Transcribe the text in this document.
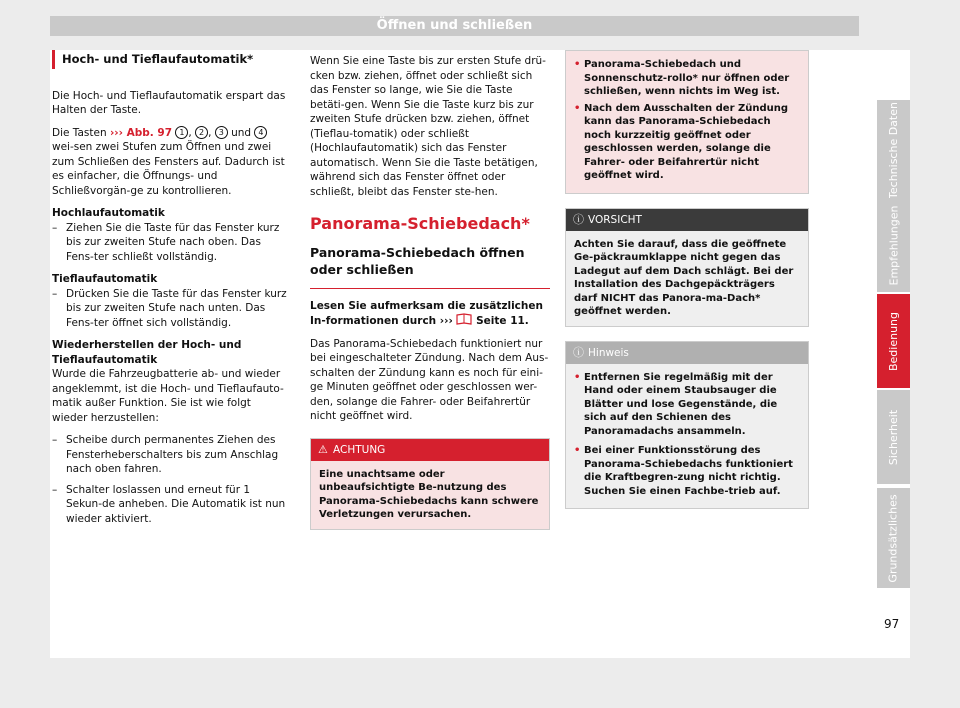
Öffnen und schließen
Hoch- und Tieflaufautomatik*

Die Hoch- und Tieflaufautomatik erspart das Halten der Taste.

Die Tasten ››› Abb. 97 1 , 2 , 3 und 4 wei-sen zwei Stufen zum Öffnen und zwei zum Schließen des Fensters auf. Dadurch ist es einfacher, die Öffnungs- und Schließvorgän-ge zu kontrollieren.

Hochlaufautomatik
– Ziehen Sie die Taste für das Fenster kurz bis zur zweiten Stufe nach oben. Das Fens-ter schließt vollständig.
Tieflaufautomatik
– Drücken Sie die Taste für das Fenster kurz bis zur zweiten Stufe nach unten. Das Fens-ter öffnet sich vollständig.
Wiederherstellen der Hoch- und Tieflaufautomatik

Wurde die Fahrzeugbatterie ab- und wieder angeklemmt, ist die Hoch- und Tieflaufauto-matik außer Funktion. Sie ist wie folgt wieder herzustellen:

– Scheibe durch permanentes Ziehen des Fensterheberschalters bis zum Anschlag nach oben fahren.
– Schalter loslassen und erneut für 1 Sekun-de anheben. Die Automatik ist nun wieder aktiviert.

Wenn Sie eine Taste bis zur ersten Stufe drü-cken bzw. ziehen, öffnet oder schließt sich das Fenster so lange, wie Sie die Taste betäti-gen. Wenn Sie die Taste kurz bis zur zweiten Stufe drücken bzw. ziehen, öffnet (Tieflau-tomatik) oder schließt (Hochlaufautomatik) sich das Fenster automatisch. Wenn Sie die Taste betätigen, während sich das Fenster öffnet oder schließt, bleibt das Fenster ste-hen.

Panorama-Schiebedach*
Panorama-Schiebedach öffnen oder schließen

Lesen Sie aufmerksam die zusätzlichen In-formationen durch ››› Seite 11.

Das Panorama-Schiebedach funktioniert nur bei eingeschalteter Zündung. Nach dem Aus-schalten der Zündung kann es noch für eini-ge Minuten geöffnet oder geschlossen wer-den, solange die Fahrer- oder Beifahrertür nicht geöffnet wird.

⚠ ACHTUNG
Eine unachtsame oder unbeaufsichtigte Be-nutzung des Panorama-Schiebedachs kann schwere Verletzungen verursachen.
• Panorama-Schiebedach und Sonnenschutz-rollo* nur öffnen oder schließen, wenn nichts im Weg ist.
• Nach dem Ausschalten der Zündung kann das Panorama-Schiebedach noch kurzzeitig geöffnet oder geschlossen werden, solange die Fahrer- oder Beifahrertür nicht geöffnet wird.
ⓘ VORSICHT
Achten Sie darauf, dass die geöffnete Ge-päckraumklappe nicht gegen das Ladegut auf dem Dach schlägt. Bei der Installation des Dachgepäckträgers darf NICHT das Panora-ma-Dach* geöffnet werden.
ⓘ Hinweis
• Entfernen Sie regelmäßig mit der Hand oder einem Staubsauger die Blätter und lose Gegenstände, die sich auf den Schienen des Panoramadachs ansammeln.
• Bei einer Funktionsstörung des Panorama-Schiebedachs funktioniert die Kraftbegren-zung nicht richtig. Suchen Sie einen Fachbe-trieb auf.
Technische Daten
Empfehlungen
Bedienung
Sicherheit
Grundsätzliches
97
